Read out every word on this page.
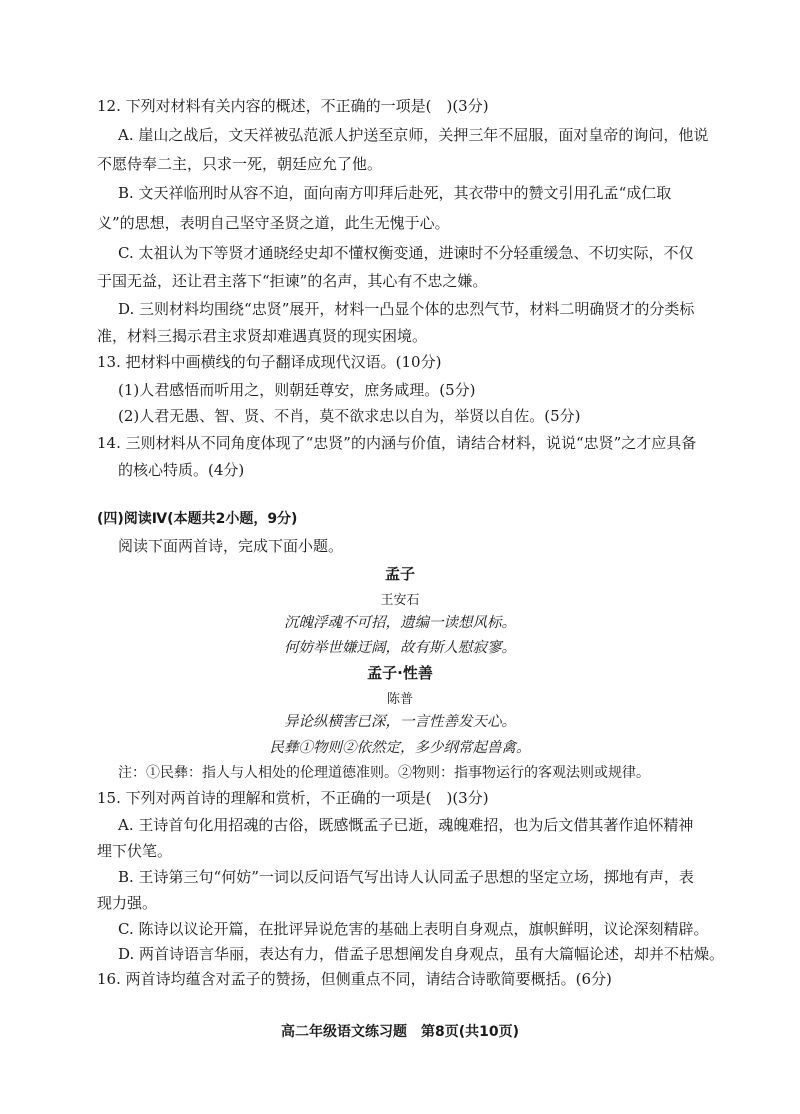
12. 下列对材料有关内容的概述，不正确的一项是(　)(3分)
A. 崖山之战后，文天祥被弘范派人护送至京师，关押三年不屈服，面对皇帝的询问，他说
不愿侍奉二主，只求一死，朝廷应允了他。
B. 文天祥临刑时从容不迫，面向南方叩拜后赴死，其衣带中的赞文引用孔孟“成仁取
义”的思想，表明自己坚守圣贤之道，此生无愧于心。
C. 太祖认为下等贤才通晓经史却不懂权衡变通，进谏时不分轻重缓急、不切实际，不仅
于国无益，还让君主落下“拒谏”的名声，其心有不忠之嫌。
D. 三则材料均围绕“忠贤”展开，材料一凸显个体的忠烈气节，材料二明确贤才的分类标
准，材料三揭示君主求贤却难遇真贤的现实困境。
13. 把材料中画横线的句子翻译成现代汉语。(10分)
(1)人君感悟而听用之，则朝廷尊安，庶务咸理。(5分)
(2)人君无愚、智、贤、不肖，莫不欲求忠以自为，举贤以自佐。(5分)
14. 三则材料从不同角度体现了“忠贤”的内涵与价值，请结合材料，说说“忠贤”之才应具备
的核心特质。(4分)
(四)阅读Ⅳ(本题共2小题，9分)
阅读下面两首诗，完成下面小题。
孟子
王安石
沉魄浮魂不可招，遗编一读想风标。
何妨举世嫌迂阔，故有斯人慰寂寥。
孟子·性善
陈普
异论纵横害已深，一言性善发天心。
民彝①物则②依然定，多少纲常起兽禽。
注：①民彝：指人与人相处的伦理道德准则。②物则：指事物运行的客观法则或规律。
15. 下列对两首诗的理解和赏析，不正确的一项是(　)(3分)
A. 王诗首句化用招魂的古俗，既感慨孟子已逝，魂魄难招，也为后文借其著作追怀精神
埋下伏笔。
B. 王诗第三句“何妨”一词以反问语气写出诗人认同孟子思想的坚定立场，掷地有声，表
现力强。
C. 陈诗以议论开篇，在批评异说危害的基础上表明自身观点，旗帜鲜明，议论深刻精辟。
D. 两首诗语言华丽，表达有力，借孟子思想阐发自身观点，虽有大篇幅论述，却并不枯燥。
16. 两首诗均蕴含对孟子的赞扬，但侧重点不同，请结合诗歌简要概括。(6分)
高二年级语文练习题　第8页(共10页)
